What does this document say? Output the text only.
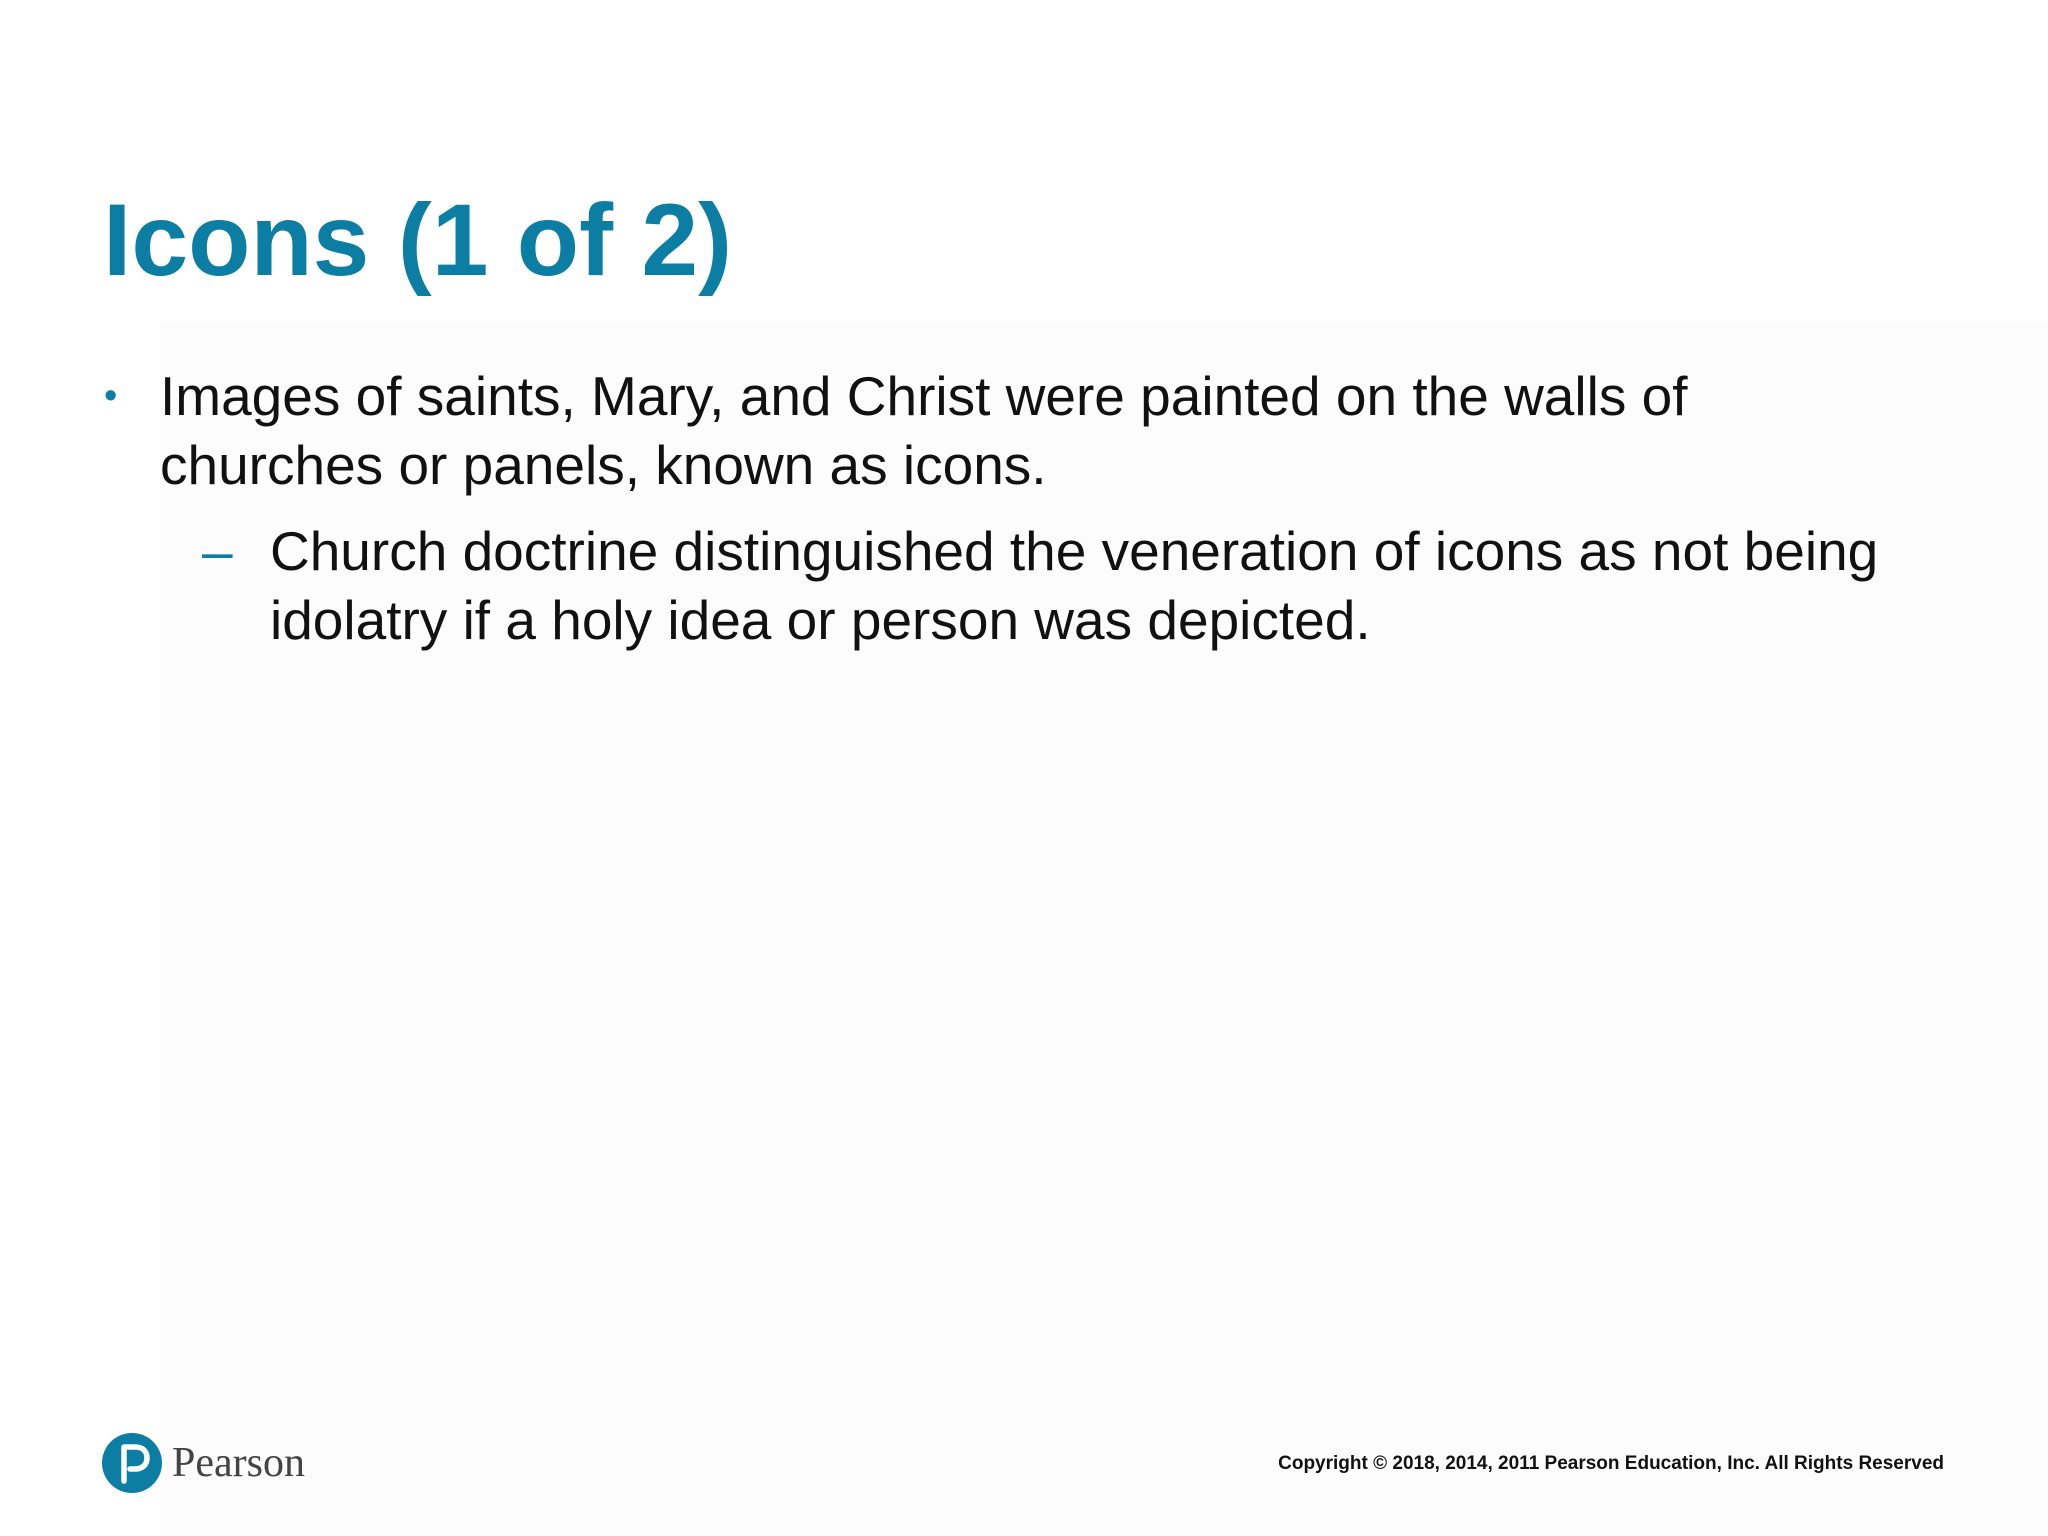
Icons (1 of 2)
• Images of saints, Mary, and Christ were painted on the walls of churches or panels, known as icons.
– Church doctrine distinguished the veneration of icons as not being idolatry if a holy idea or person was depicted.
Pearson	Copyright © 2018, 2014, 2011 Pearson Education, Inc. All Rights Reserved
